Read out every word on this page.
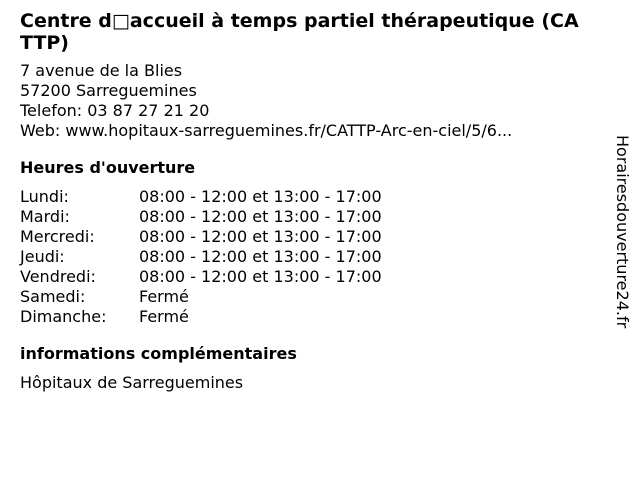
Centre d□accueil à temps partiel thérapeutique (CA TTP)
7 avenue de la Blies
57200 Sarreguemines
Telefon: 03 87 27 21 20
Web: www.hopitaux-sarreguemines.fr/CATTP-Arc-en-ciel/5/6...
Heures d'ouverture
Lundi:	08:00 - 12:00 et 13:00 - 17:00
Mardi:	08:00 - 12:00 et 13:00 - 17:00
Mercredi:	08:00 - 12:00 et 13:00 - 17:00
Jeudi:	08:00 - 12:00 et 13:00 - 17:00
Vendredi:	08:00 - 12:00 et 13:00 - 17:00
Samedi:	Fermé
Dimanche:	Fermé
informations complémentaires
Hôpitaux de Sarreguemines
Horairesdouverture24.fr
